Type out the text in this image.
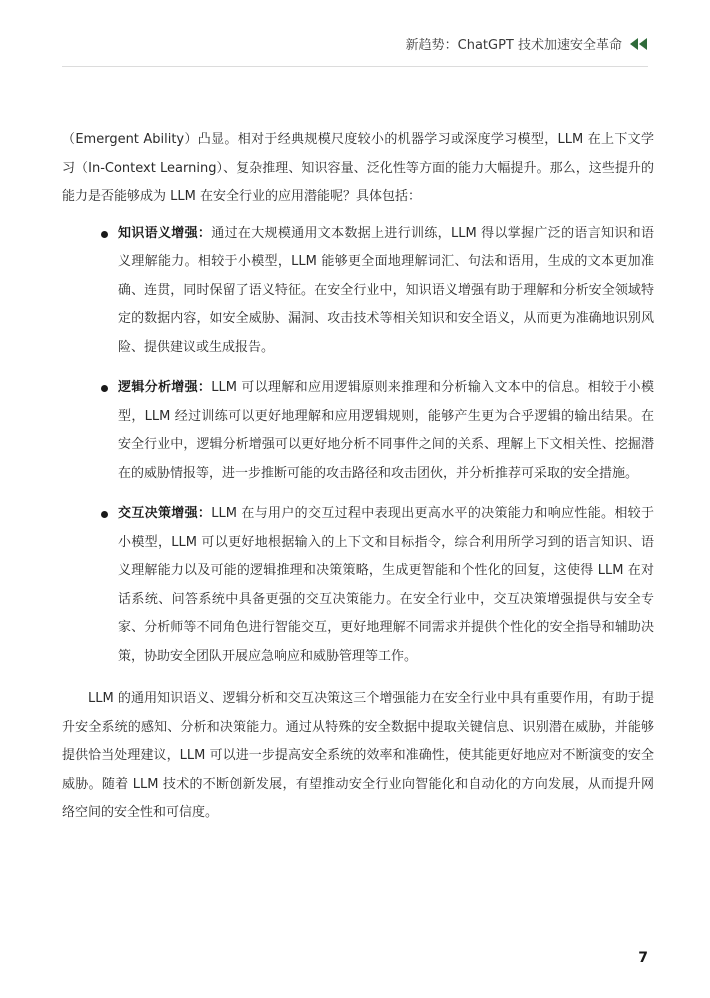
新趋势：ChatGPT 技术加速安全革命

（Emergent Ability）凸显。相对于经典规模尺度较小的机器学习或深度学习模型，LLM 在上下文学习（In-Context Learning）、复杂推理、知识容量、泛化性等方面的能力大幅提升。那么，这些提升的能力是否能够成为 LLM 在安全行业的应用潜能呢？具体包括：

知识语义增强：通过在大规模通用文本数据上进行训练，LLM 得以掌握广泛的语言知识和语义理解能力。相较于小模型，LLM 能够更全面地理解词汇、句法和语用，生成的文本更加准确、连贯，同时保留了语义特征。在安全行业中，知识语义增强有助于理解和分析安全领域特定的数据内容，如安全威胁、漏洞、攻击技术等相关知识和安全语义，从而更为准确地识别风险、提供建议或生成报告。
逻辑分析增强：LLM 可以理解和应用逻辑原则来推理和分析输入文本中的信息。相较于小模型，LLM 经过训练可以更好地理解和应用逻辑规则，能够产生更为合乎逻辑的输出结果。在安全行业中，逻辑分析增强可以更好地分析不同事件之间的关系、理解上下文相关性、挖掘潜在的威胁情报等，进一步推断可能的攻击路径和攻击团伙，并分析推荐可采取的安全措施。
交互决策增强：LLM 在与用户的交互过程中表现出更高水平的决策能力和响应性能。相较于小模型，LLM 可以更好地根据输入的上下文和目标指令，综合利用所学习到的语言知识、语义理解能力以及可能的逻辑推理和决策策略，生成更智能和个性化的回复，这使得 LLM 在对话系统、问答系统中具备更强的交互决策能力。在安全行业中，交互决策增强提供与安全专家、分析师等不同角色进行智能交互，更好地理解不同需求并提供个性化的安全指导和辅助决策，协助安全团队开展应急响应和威胁管理等工作。

LLM 的通用知识语义、逻辑分析和交互决策这三个增强能力在安全行业中具有重要作用，有助于提升安全系统的感知、分析和决策能力。通过从特殊的安全数据中提取关键信息、识别潜在威胁，并能够提供恰当处理建议，LLM 可以进一步提高安全系统的效率和准确性，使其能更好地应对不断演变的安全威胁。随着 LLM 技术的不断创新发展，有望推动安全行业向智能化和自动化的方向发展，从而提升网络空间的安全性和可信度。

7
